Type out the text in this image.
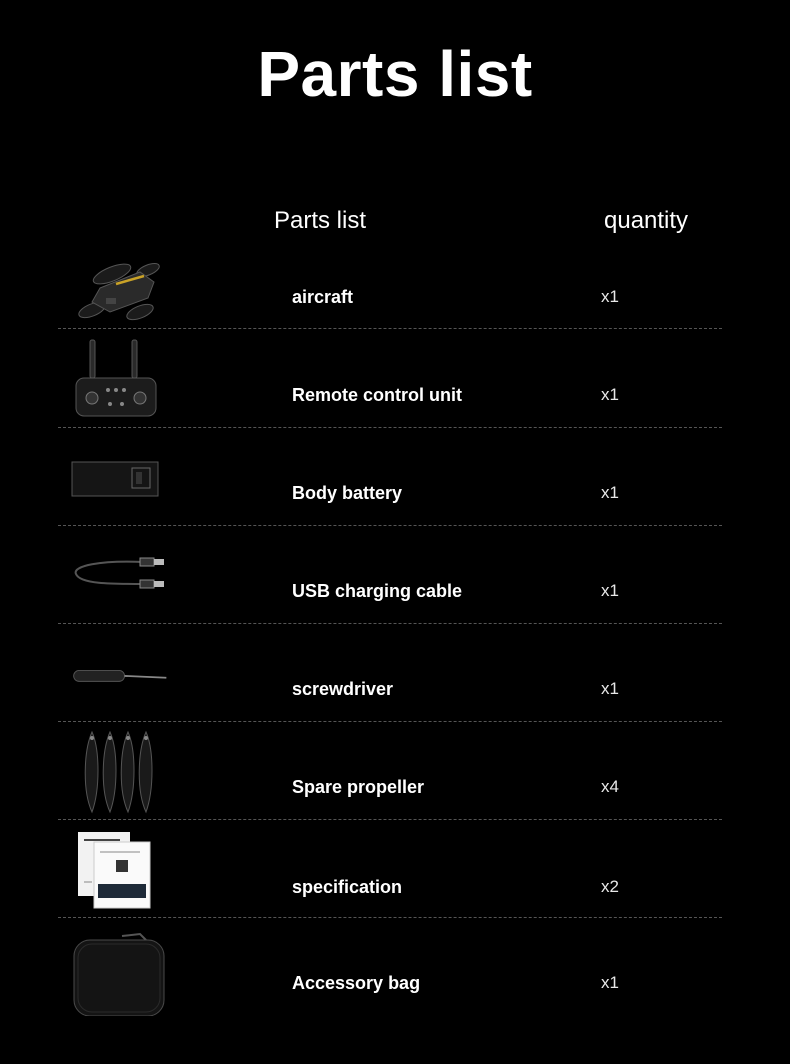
Parts list
Parts list	quantity
aircraft	x1
Remote control unit	x1
Body battery	x1
USB charging cable	x1
screwdriver	x1
Spare propeller	x4
specification	x2
Accessory bag	x1
